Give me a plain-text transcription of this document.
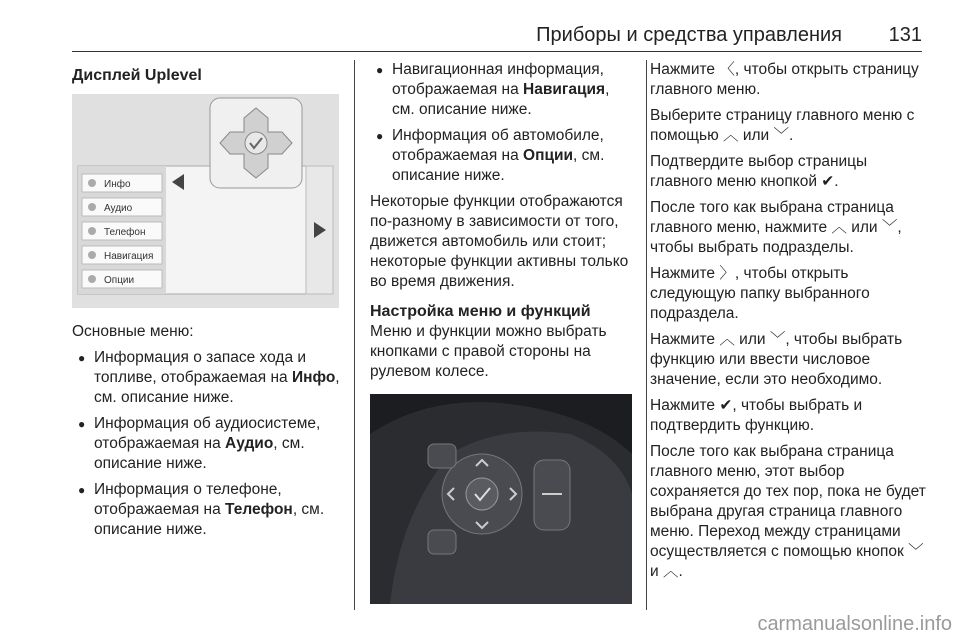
Приборы и средства управления 131
Дисплей Uplevel
Инфо
Аудио
Телефон
Навигация
Опции

Основные меню:

● Информация о запасе хода и топливе, отображаемая на Инфо, см. описание ниже.
● Информация об аудиосистеме, отображаемая на Аудио, см. описание ниже.
● Информация о телефоне, отображаемая на Телефон, см. описание ниже.
● Навигационная информация, отображаемая на Навигация, см. описание ниже.
● Информация об автомобиле, отображаемая на Опции, см. описание ниже.

Некоторые функции отображаются по-разному в зависимости от того, движется автомобиль или стоит; некоторые функции активны только во время движения.

Настройка меню и функций

Меню и функции можно выбрать кнопками с правой стороны на рулевом колесе.

Нажмите 〈, чтобы открыть страницу главного меню.

Выберите страницу главного меню с помощью ︿ или ﹀.

Подтвердите выбор страницы главного меню кнопкой ✔.

После того как выбрана страница главного меню, нажмите ︿ или ﹀, чтобы выбрать подразделы.

Нажмите 〉, чтобы открыть следующую папку выбранного подраздела.

Нажмите ︿ или ﹀, чтобы выбрать функцию или ввести числовое значение, если это необходимо.

Нажмите ✔, чтобы выбрать и подтвердить функцию.

После того как выбрана страница главного меню, этот выбор сохраняется до тех пор, пока не будет выбрана другая страница главного меню. Переход между страницами осуществляется с помощью кнопок ﹀ и ︿.

carmanualsonline.info
